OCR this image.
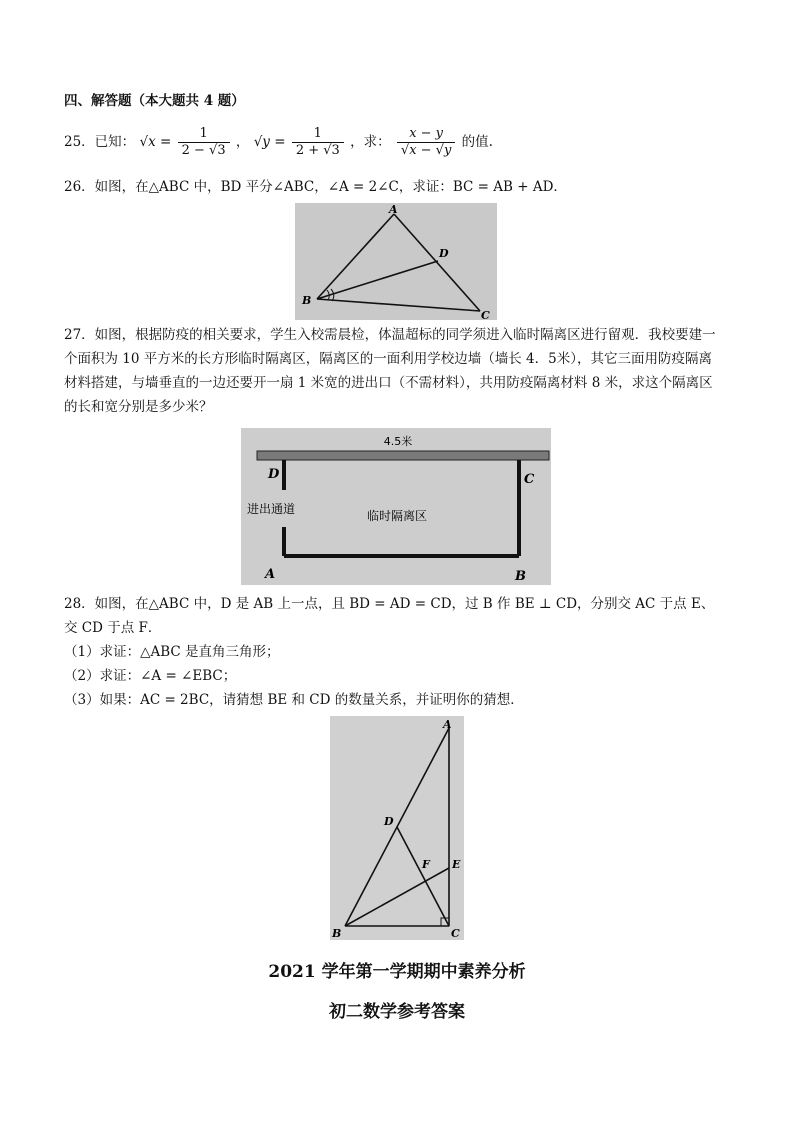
四、解答题（本大题共 4 题）
25．已知： $√x = \frac{1}{2 - √3}$ ， $√y = \frac{1}{2 + √3}$ ，求： $\frac{x - y}{√x - √y}$ 的值.
26．如图，在△ABC 中，BD 平分∠ABC，∠A = 2∠C，求证：BC = AB + AD．
A
D
B
C
27．如图，根据防疫的相关要求，学生入校需晨检，体温超标的同学须进入临时隔离区进行留观．我校要建一
个面积为 10 平方米的长方形临时隔离区，隔离区的一面利用学校边墙（墙长 4．5米），其它三面用防疫隔离
材料搭建，与墙垂直的一边还要开一扇 1 米宽的进出口（不需材料），共用防疫隔离材料 8 米，求这个隔离区
的长和宽分别是多少米？
4.5米
D	C
A	B
进出通道	临时隔离区
28．如图，在△ABC 中，D 是 AB 上一点，且 BD = AD = CD，过 B 作 BE ⊥ CD，分别交 AC 于点 E、
交 CD 于点 F．
（1）求证：△ABC 是直角三角形；
（2）求证：∠A = ∠EBC；
（3）如果：AC = 2BC，请猜想 BE 和 CD 的数量关系，并证明你的猜想．
A
D
F E
B	C
2021 学年第一学期期中素养分析
初二数学参考答案
